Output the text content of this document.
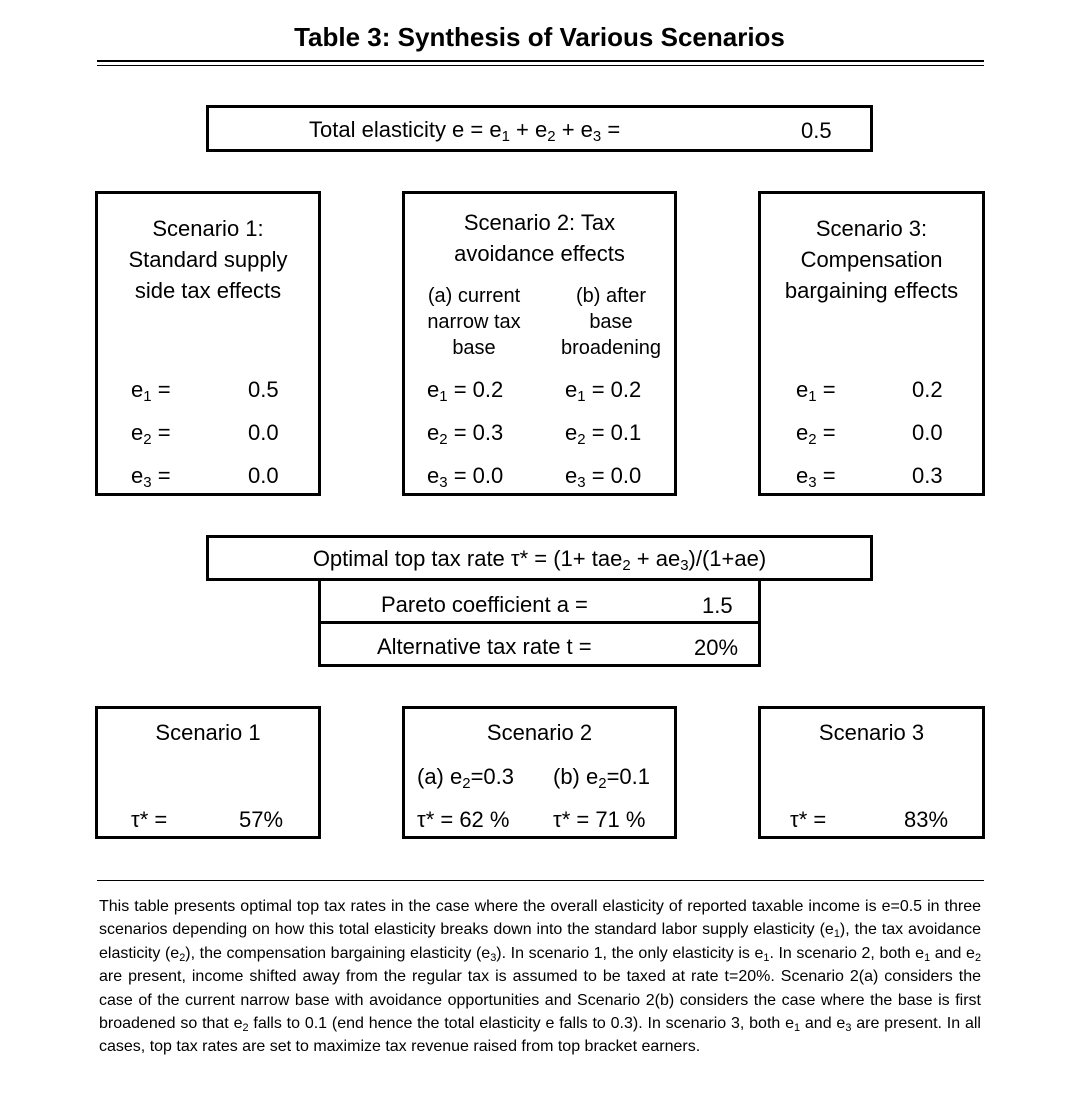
Table 3: Synthesis of Various Scenarios
Total elasticity $e = e_1 + e_2 + e_3$ =	0.5
Scenario 1:
Standard supply
side tax effects
$e_1$ =	0.5
$e_2$ =	0.0
$e_3$ =	0.0
Scenario 2: Tax
avoidance effects
(a) current
narrow tax
base
(b) after
base
broadening
$e_1 = 0.2$	$e_1 = 0.2$
$e_2 = 0.3$	$e_2 = 0.1$
$e_3 = 0.0$	$e_3 = 0.0$
Scenario 3:
Compensation
bargaining effects
$e_1$ =	0.2
$e_2$ =	0.0
$e_3$ =	0.3
Optimal top tax rate $\tau* = (1+ tae_2 + ae_3)/(1+ae)$
Pareto coefficient a =	1.5
Alternative tax rate t =	20%
Scenario 1
τ* =	57%
Scenario 2
(a) $e_2=0.3$ (b) $e_2=0.1$
τ* = 62 % τ* = 71 %
Scenario 3
τ* =	83%
This table presents optimal top tax rates in the case where the overall elasticity of reported taxable income is e=0.5 in three scenarios depending on how this total elasticity breaks down into the standard labor supply elasticity $(e_1)$, the tax avoidance elasticity $(e_2)$, the compensation bargaining elasticity $(e_3)$. In scenario 1, the only elasticity is $e_1$. In scenario 2, both $e_1$ and $e_2$ are present, income shifted away from the regular tax is assumed to be taxed at rate t=20%. Scenario 2(a) considers the case of the current narrow base with avoidance opportunities and Scenario 2(b) considers the case where the base is first broadened so that $e_2$ falls to 0.1 (end hence the total elasticity e falls to 0.3). In scenario 3, both $e_1$ and $e_3$ are present. In all cases, top tax rates are set to maximize tax revenue raised from top bracket earners.
